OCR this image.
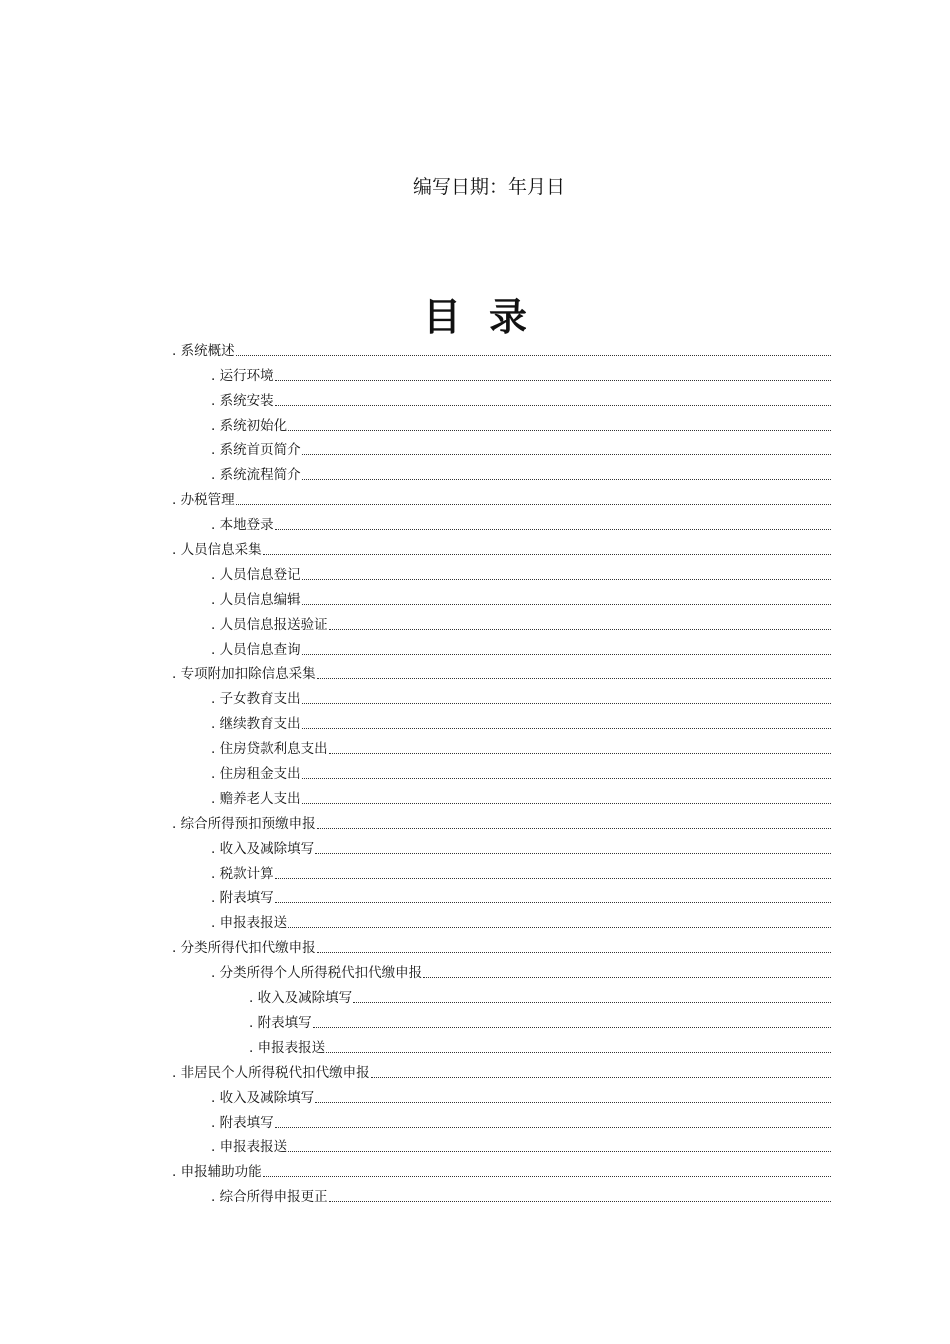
编写日期：年月日
目录
. 系统概述
. 运行环境
. 系统安装
. 系统初始化
. 系统首页简介
. 系统流程简介
. 办税管理
. 本地登录
. 人员信息采集
. 人员信息登记
. 人员信息编辑
. 人员信息报送验证
. 人员信息查询
. 专项附加扣除信息采集
. 子女教育支出
. 继续教育支出
. 住房贷款利息支出
. 住房租金支出
. 赡养老人支出
. 综合所得预扣预缴申报
. 收入及减除填写
. 税款计算
. 附表填写
. 申报表报送
. 分类所得代扣代缴申报
. 分类所得个人所得税代扣代缴申报
. 收入及减除填写
. 附表填写
. 申报表报送
. 非居民个人所得税代扣代缴申报
. 收入及减除填写
. 附表填写
. 申报表报送
. 申报辅助功能
. 综合所得申报更正
